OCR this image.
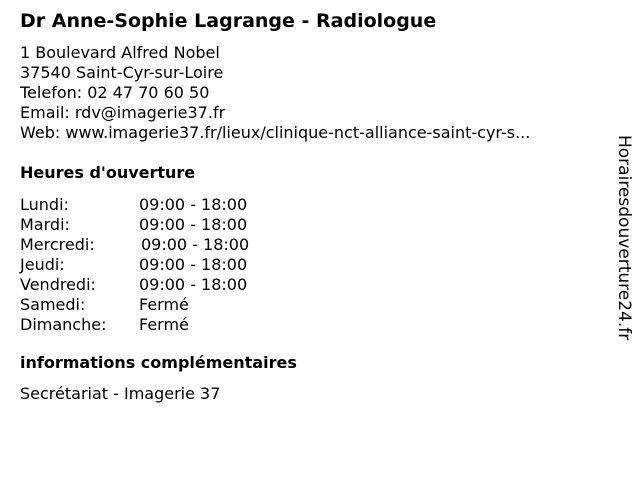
Dr Anne-Sophie Lagrange - Radiologue
1 Boulevard Alfred Nobel
37540 Saint-Cyr-sur-Loire
Telefon: 02 47 70 60 50
Email: rdv@imagerie37.fr
Web: www.imagerie37.fr/lieux/clinique-nct-alliance-saint-cyr-s...
Heures d'ouverture
Lundi:	09:00 - 18:00
Mardi:	09:00 - 18:00
Mercredi:	09:00 - 18:00
Jeudi:	09:00 - 18:00
Vendredi:	09:00 - 18:00
Samedi:	Fermé
Dimanche: Fermé
informations complémentaires
Secrétariat - Imagerie 37
Horairesdouverture24.fr
